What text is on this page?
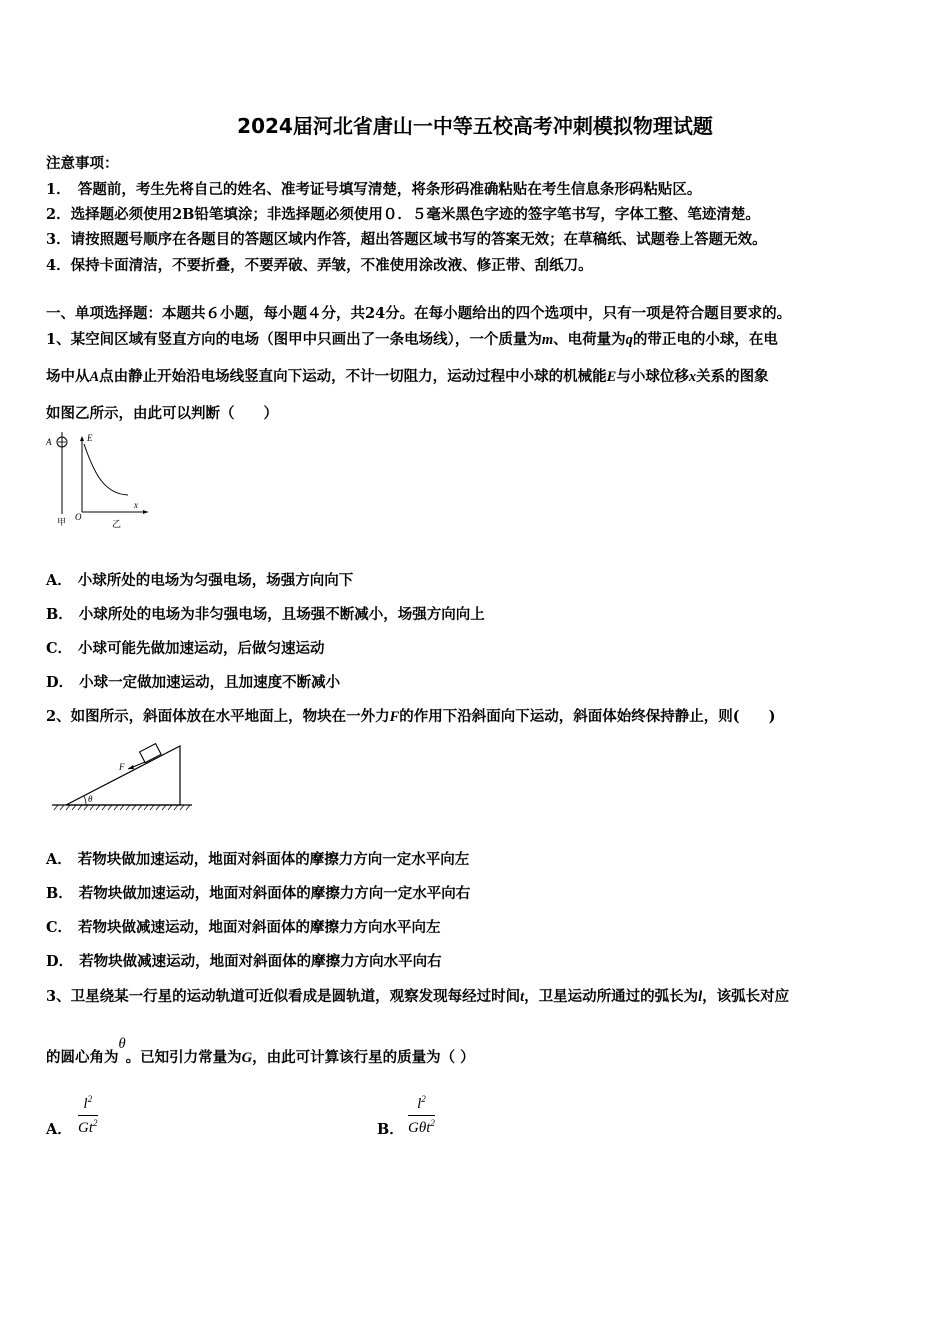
2024届河北省唐山一中等五校高考冲刺模拟物理试题
注意事项：
1．　答题前，考生先将自己的姓名、准考证号填写清楚，将条形码准确粘贴在考生信息条形码粘贴区。
2．选择题必须使用2B铅笔填涂；非选择题必须使用０．５毫米黑色字迹的签字笔书写，字体工整、笔迹清楚。
3．请按照题号顺序在各题目的答题区域内作答，超出答题区域书写的答案无效；在草稿纸、试题卷上答题无效。
4．保持卡面清洁，不要折叠，不要弄破、弄皱，不准使用涂改液、修正带、刮纸刀。
一、单项选择题：本题共６小题，每小题４分，共24分。在每小题给出的四个选项中，只有一项是符合题目要求的。
1、某空间区域有竖直方向的电场（图甲中只画出了一条电场线），一个质量为m、电荷量为q的带正电的小球，在电
场中从A点由静止开始沿电场线竖直向下运动，不计一切阻力，运动过程中小球的机械能E与小球位移x关系的图象
如图乙所示，由此可以判断（　　）
A
甲
E
O
x
乙
A． 小球所处的电场为匀强电场，场强方向向下
B． 小球所处的电场为非匀强电场，且场强不断减小，场强方向向上
C． 小球可能先做加速运动，后做匀速运动
D． 小球一定做加速运动，且加速度不断减小
2、如图所示，斜面体放在水平地面上，物块在一外力F的作用下沿斜面向下运动，斜面体始终保持静止，则(　　)
θ
F
A． 若物块做加速运动，地面对斜面体的摩擦力方向一定水平向左
B． 若物块做加速运动，地面对斜面体的摩擦力方向一定水平向右
C． 若物块做减速运动，地面对斜面体的摩擦力方向水平向左
D． 若物块做减速运动，地面对斜面体的摩擦力方向水平向右
3、卫星绕某一行星的运动轨道可近似看成是圆轨道，观察发现每经过时间t，卫星运动所通过的弧长为l，该弧长对应
的圆心角为θ。已知引力常量为G，由此可计算该行星的质量为（ ）
A．
$l^2$
Gt$^2$	B．
$l^2$
Gθt$^2$
